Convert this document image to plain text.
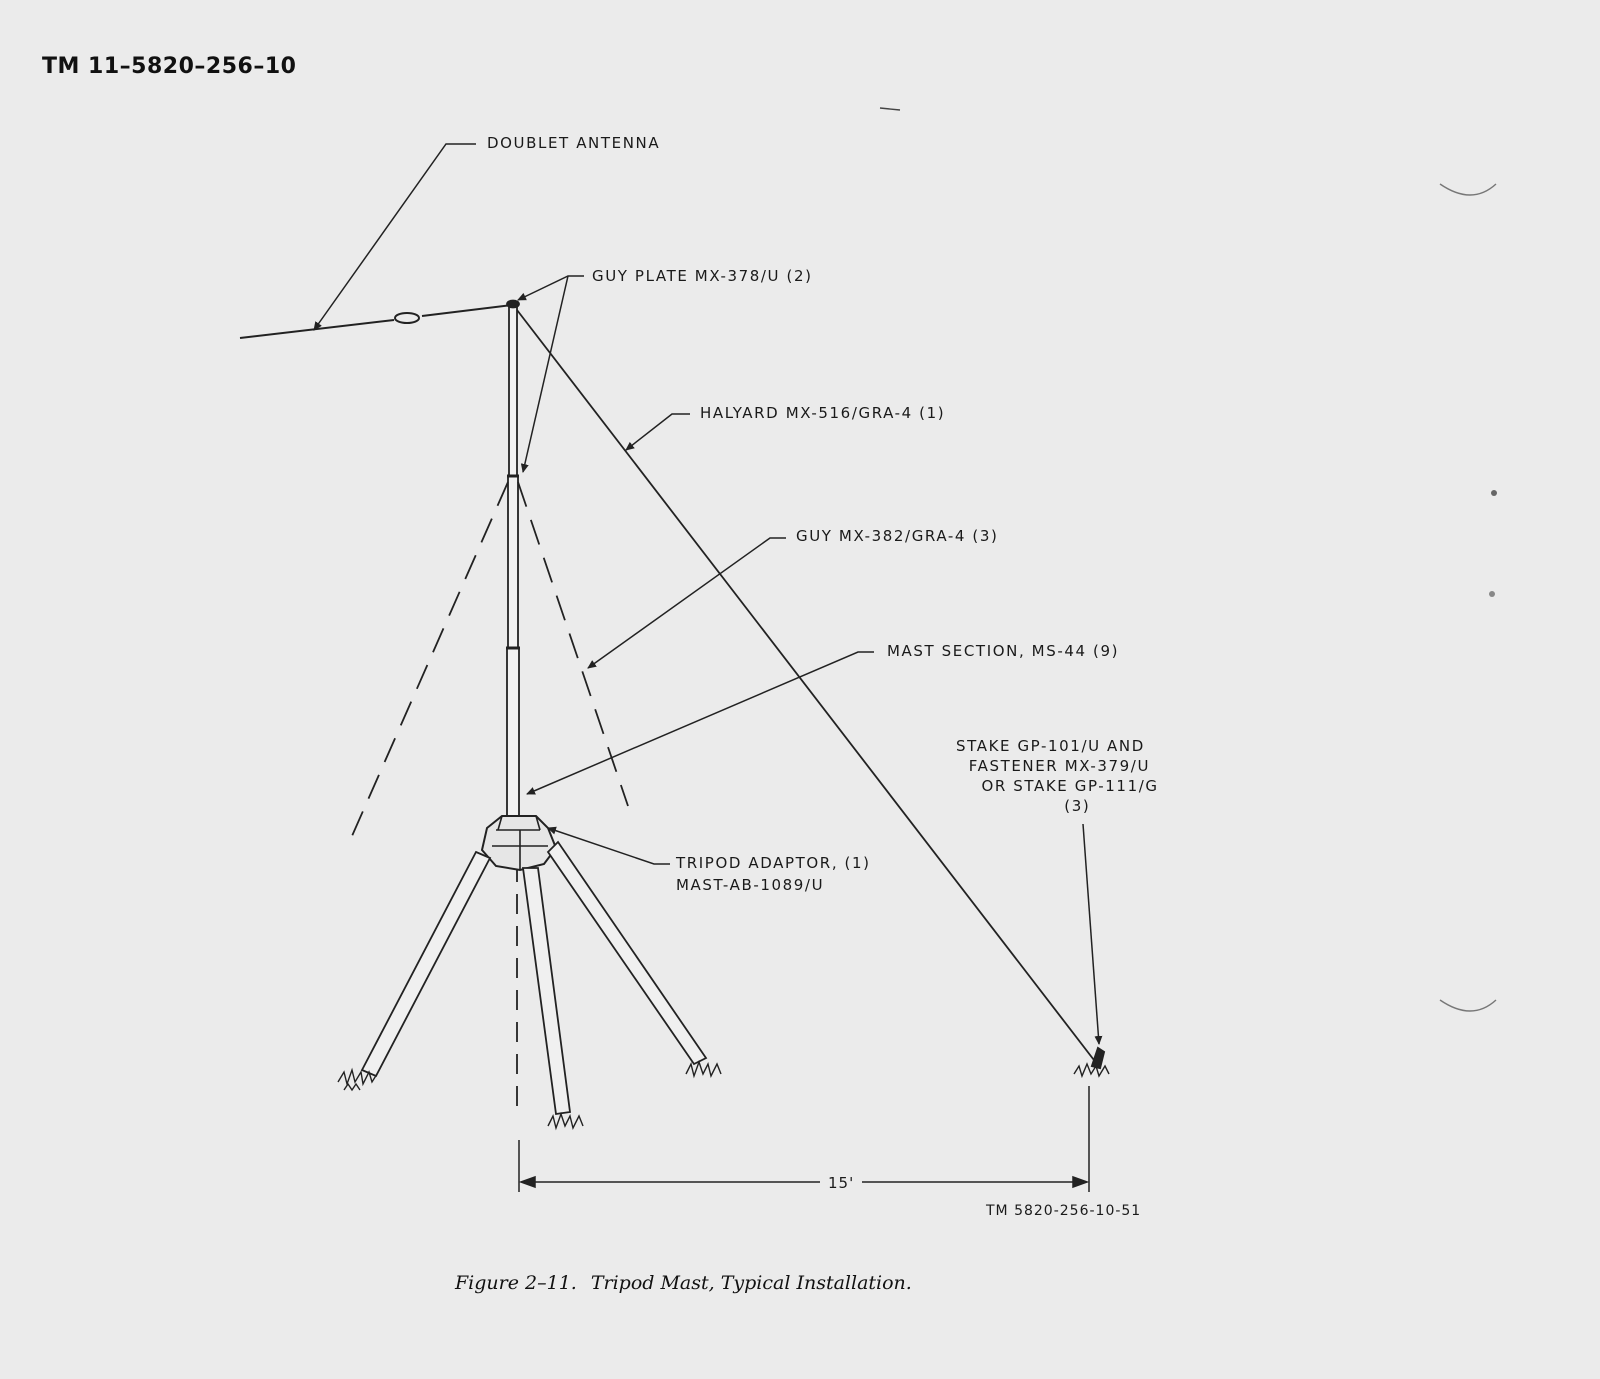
TM 11–5820–256–10
15'
DOUBLET ANTENNA
GUY PLATE MX-378/U (2)
HALYARD MX-516/GRA-4 (1)
GUY MX-382/GRA-4 (3)
MAST SECTION, MS-44 (9)
STAKE GP-101/U AND
FASTENER MX-379/U
OR STAKE GP-111/G
(3)
TRIPOD ADAPTOR, (1)
MAST-AB-1089/U
TM 5820-256-10-51
Figure 2–11. Tripod Mast, Typical Installation.
